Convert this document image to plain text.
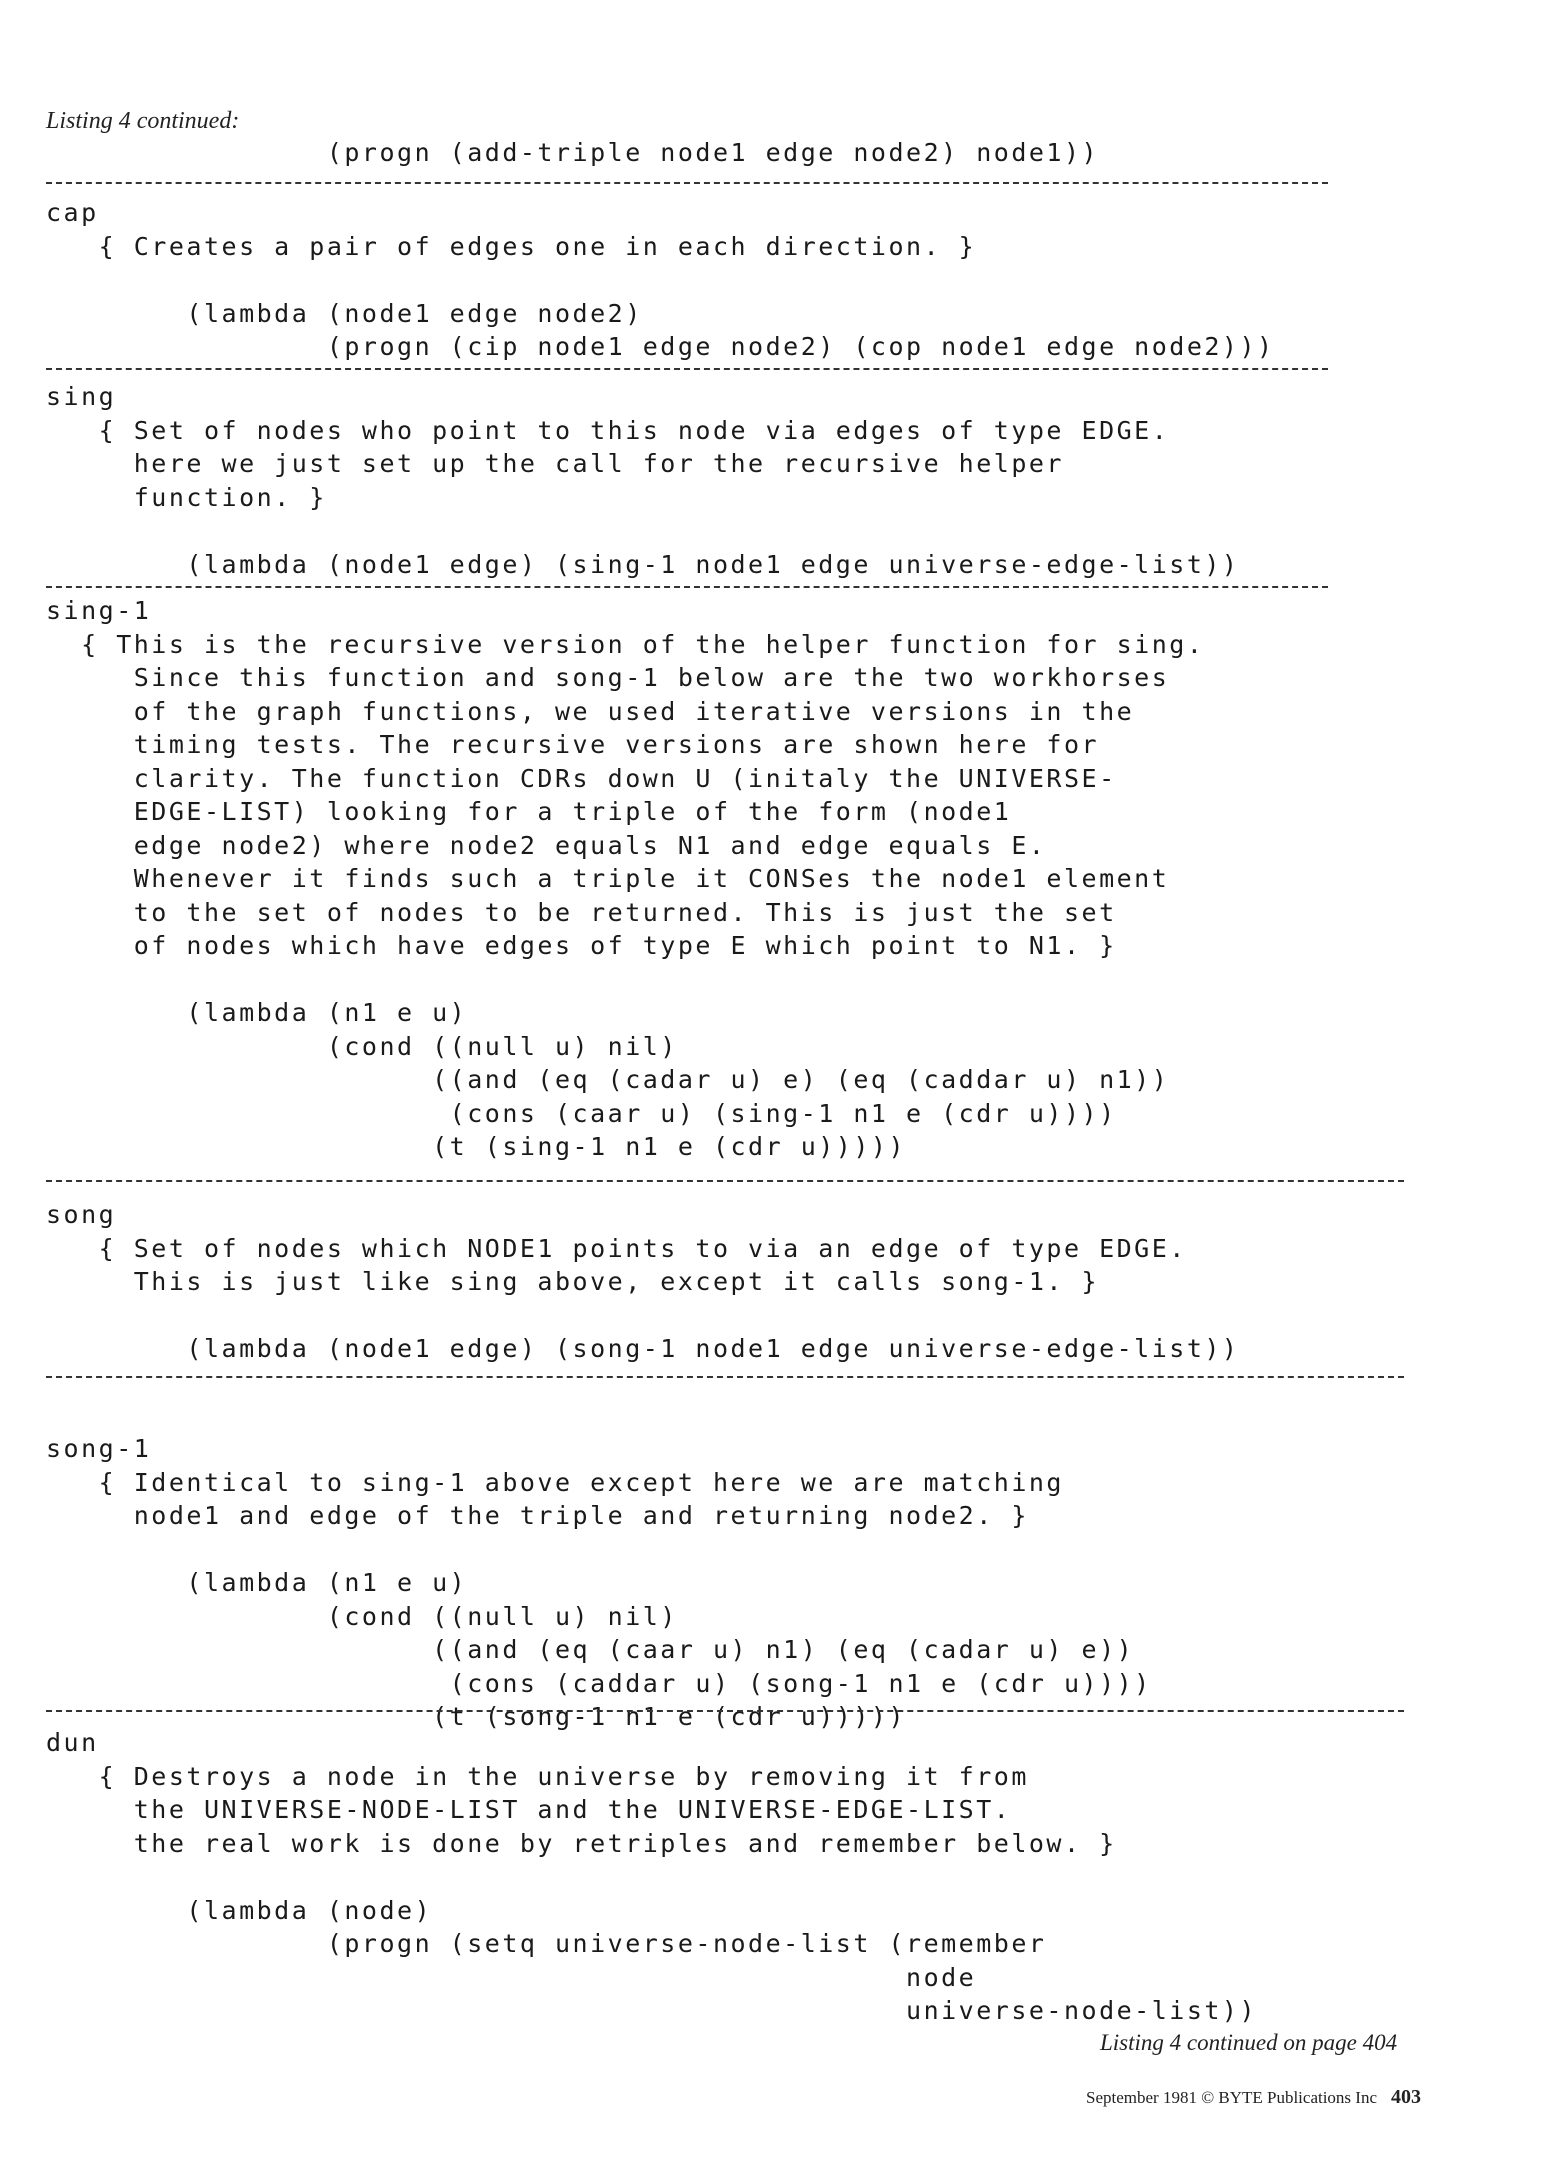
Listing 4 continued:
(progn (add-triple node1 edge node2) node1))
cap
{ Creates a pair of edges one in each direction. }

(lambda (node1 edge node2)
(progn (cip node1 edge node2) (cop node1 edge node2)))
sing
{ Set of nodes who point to this node via edges of type EDGE.
here we just set up the call for the recursive helper
function. }

(lambda (node1 edge) (sing-1 node1 edge universe-edge-list))
sing-1
{ This is the recursive version of the helper function for sing.
Since this function and song-1 below are the two workhorses
of the graph functions, we used iterative versions in the
timing tests. The recursive versions are shown here for
clarity. The function CDRs down U (initaly the UNIVERSE-
EDGE-LIST) looking for a triple of the form (node1
edge node2) where node2 equals N1 and edge equals E.
Whenever it finds such a triple it CONSes the node1 element
to the set of nodes to be returned. This is just the set
of nodes which have edges of type E which point to N1. }

(lambda (n1 e u)
(cond ((null u) nil)
((and (eq (cadar u) e) (eq (caddar u) n1))
(cons (caar u) (sing-1 n1 e (cdr u))))
(t (sing-1 n1 e (cdr u)))))
song
{ Set of nodes which NODE1 points to via an edge of type EDGE.
This is just like sing above, except it calls song-1. }

(lambda (node1 edge) (song-1 node1 edge universe-edge-list))
song-1
{ Identical to sing-1 above except here we are matching
node1 and edge of the triple and returning node2. }

(lambda (n1 e u)
(cond ((null u) nil)
((and (eq (caar u) n1) (eq (cadar u) e))
(cons (caddar u) (song-1 n1 e (cdr u))))
(t (song-1 n1 e (cdr u)))))
dun
{ Destroys a node in the universe by removing it from
the UNIVERSE-NODE-LIST and the UNIVERSE-EDGE-LIST.
the real work is done by retriples and remember below. }

(lambda (node)
(progn (setq universe-node-list (remember
node
universe-node-list))
Listing 4 continued on page 404
September 1981 © BYTE Publications Inc 403
